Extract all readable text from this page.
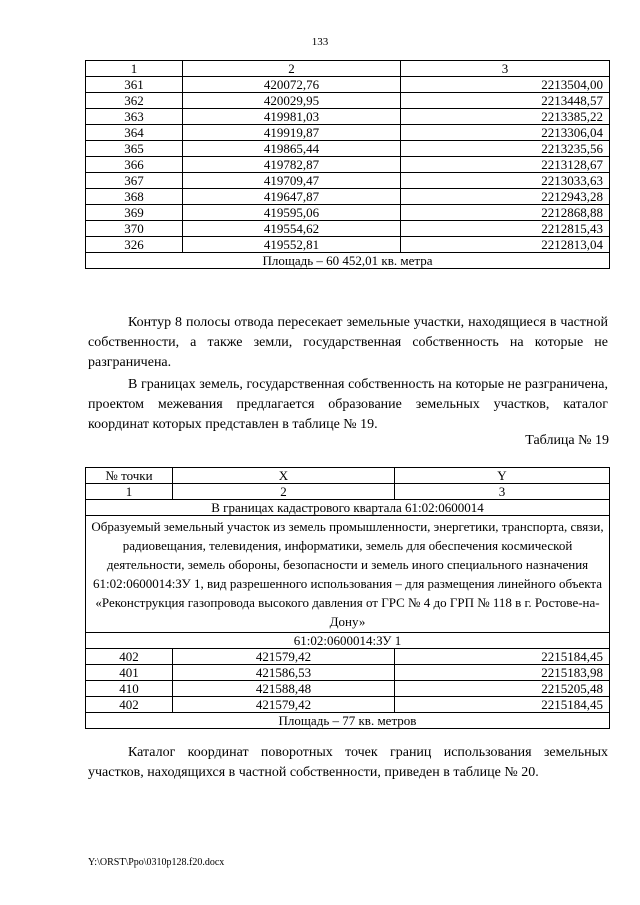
133
1	2	3
361	420072,76	2213504,00
362	420029,95	2213448,57
363	419981,03	2213385,22
364	419919,87	2213306,04
365	419865,44	2213235,56
366	419782,87	2213128,67
367	419709,47	2213033,63
368	419647,87	2212943,28
369	419595,06	2212868,88
370	419554,62	2212815,43
326	419552,81	2212813,04
Площадь – 60 452,01 кв. метра		

Контур 8 полосы отвода пересекает земельные участки, находящиеся в частной собственности, а также земли, государственная собственность на которые не разграничена.

В границах земель, государственная собственность на которые не разграничена, проектом межевания предлагается образование земельных участков, каталог координат которых представлен в таблице № 19.

Таблица № 19
№ точки	X	Y
1	2	3
В границах кадастрового квартала 61:02:0600014		
Образуемый земельный участок из земель промышленности, энергетики, транспорта, связи, радиовещания, телевидения, информатики, земель для обеспечения космической деятельности, земель обороны, безопасности и земель иного специального назначения 61:02:0600014:ЗУ 1, вид разрешенного использования – для размещения линейного объекта «Реконструкция газопровода высокого давления от ГРС № 4 до ГРП № 118 в г. Ростове-на-Дону»		
61:02:0600014:ЗУ 1		
402	421579,42	2215184,45
401	421586,53	2215183,98
410	421588,48	2215205,48
402	421579,42	2215184,45
Площадь – 77 кв. метров		

Каталог координат поворотных точек границ использования земельных участков, находящихся в частной собственности, приведен в таблице № 20.

Y:\ORST\Ppo\0310p128.f20.docx
